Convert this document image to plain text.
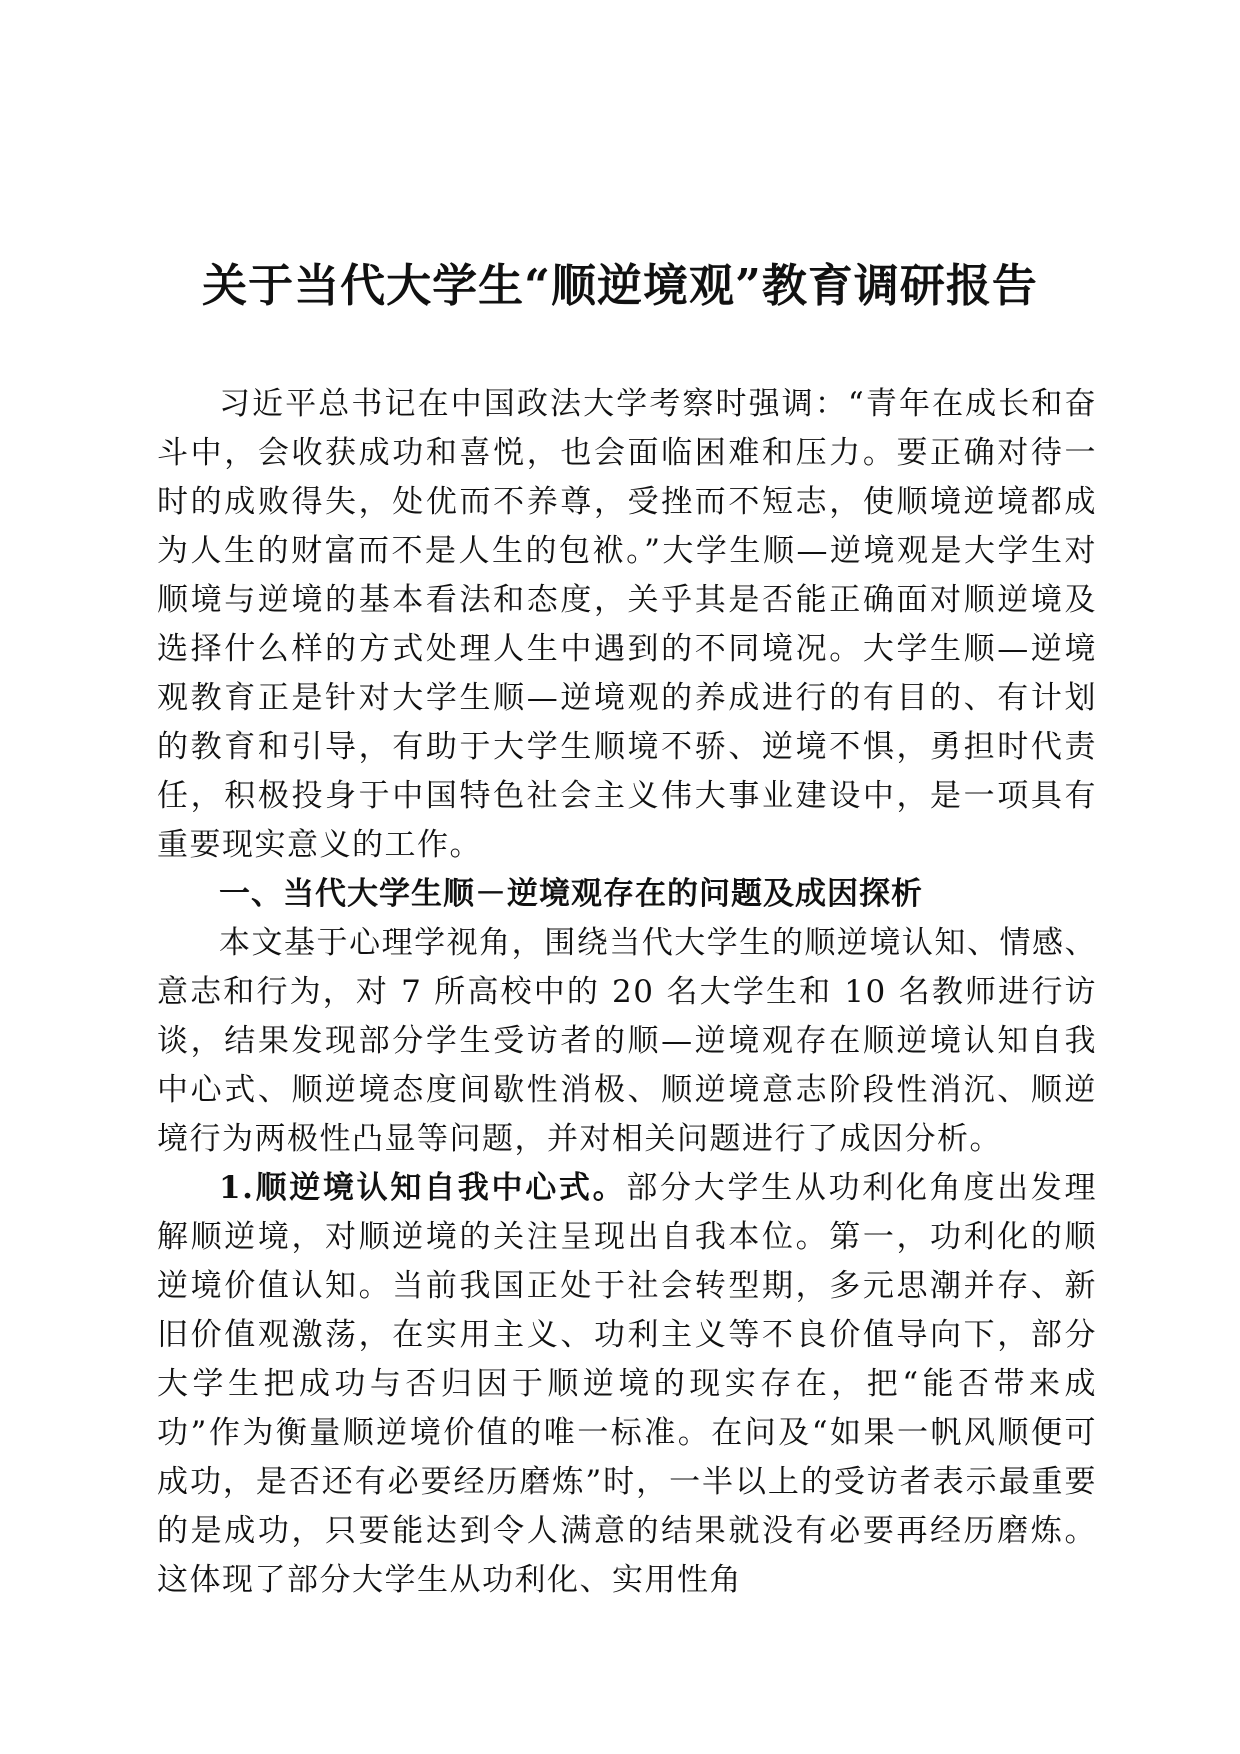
关于当代大学生“顺逆境观”教育调研报告

习近平总书记在中国政法大学考察时强调：“青年在成长和奋斗中，会收获成功和喜悦，也会面临困难和压力。要正确对待一时的成败得失，处优而不养尊，受挫而不短志，使顺境逆境都成为人生的财富而不是人生的包袱。”大学生顺—逆境观是大学生对顺境与逆境的基本看法和态度，关乎其是否能正确面对顺逆境及选择什么样的方式处理人生中遇到的不同境况。大学生顺—逆境观教育正是针对大学生顺—逆境观的养成进行的有目的、有计划的教育和引导，有助于大学生顺境不骄、逆境不惧，勇担时代责任，积极投身于中国特色社会主义伟大事业建设中，是一项具有重要现实意义的工作。

一、当代大学生顺－逆境观存在的问题及成因探析

本文基于心理学视角，围绕当代大学生的顺逆境认知、情感、意志和行为，对 7 所高校中的 20 名大学生和 10 名教师进行访谈，结果发现部分学生受访者的顺—逆境观存在顺逆境认知自我中心式、顺逆境态度间歇性消极、顺逆境意志阶段性消沉、顺逆境行为两极性凸显等问题，并对相关问题进行了成因分析。

1.顺逆境认知自我中心式。部分大学生从功利化角度出发理解顺逆境，对顺逆境的关注呈现出自我本位。第一，功利化的顺逆境价值认知。当前我国正处于社会转型期，多元思潮并存、新旧价值观激荡，在实用主义、功利主义等不良价值导向下，部分大学生把成功与否归因于顺逆境的现实存在，把“能否带来成功”作为衡量顺逆境价值的唯一标准。在问及“如果一帆风顺便可成功，是否还有必要经历磨炼”时，一半以上的受访者表示最重要的是成功，只要能达到令人满意的结果就没有必要再经历磨炼。这体现了部分大学生从功利化、实用性角
